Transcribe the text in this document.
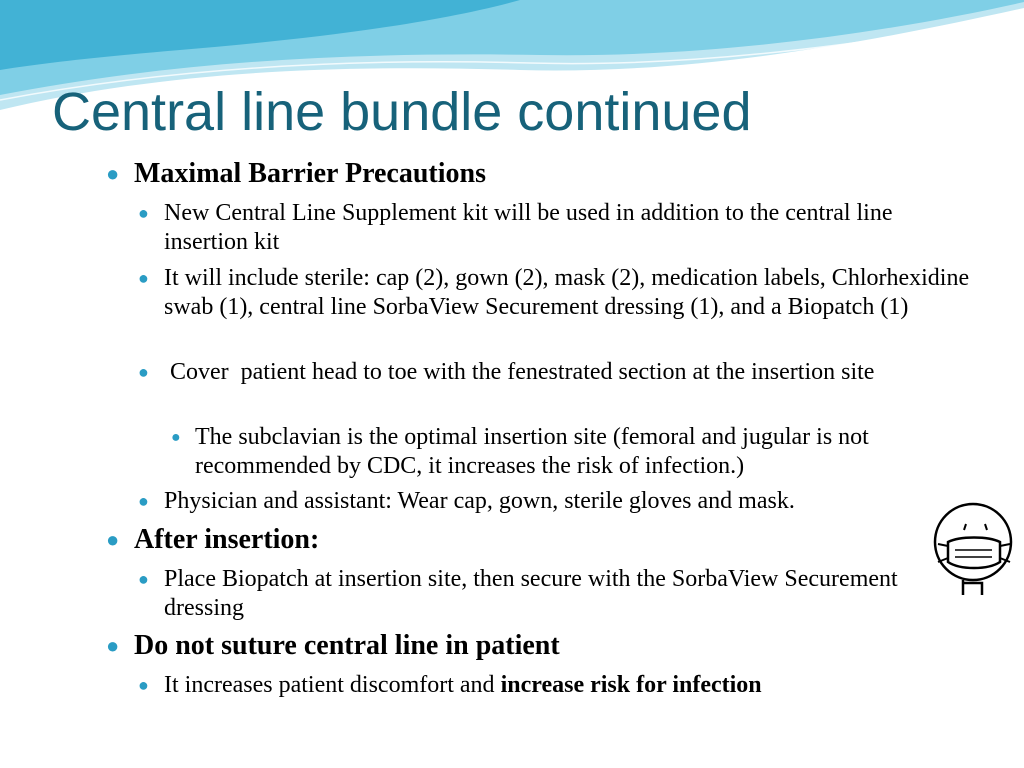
Central line bundle continued
● Maximal Barrier Precautions
● New Central Line Supplement kit will be used in addition to the central line insertion kit
● It will include sterile: cap (2), gown (2), mask (2), medication labels, Chlorhexidine swab (1), central line SorbaView Securement dressing (1), and a Biopatch (1)
● Cover  patient head to toe with the fenestrated section at the insertion site
● The subclavian is the optimal insertion site (femoral and jugular is not recommended by CDC, it increases the risk of infection.)
● Physician and assistant: Wear cap, gown, sterile gloves and mask.
● After insertion:
● Place Biopatch at insertion site, then secure with the SorbaView Securement dressing
● Do not suture central line in patient
● It increases patient discomfort and increase risk for infection
